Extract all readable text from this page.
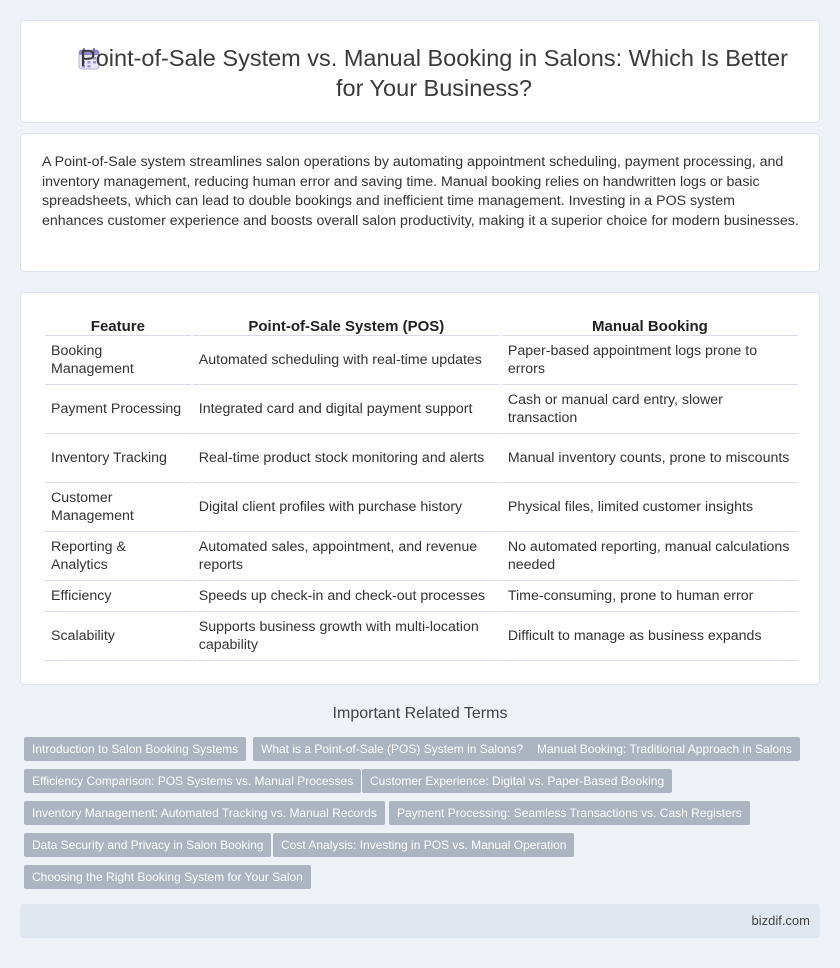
Point-of-Sale System vs. Manual Booking in Salons: Which Is Better for Your Business?

A Point-of-Sale system streamlines salon operations by automating appointment scheduling, payment processing, and inventory management, reducing human error and saving time. Manual booking relies on handwritten logs or basic spreadsheets, which can lead to double bookings and inefficient time management. Investing in a POS system enhances customer experience and boosts overall salon productivity, making it a superior choice for modern businesses.

Feature	Point-of-Sale System (POS)	Manual Booking
Booking Management	Automated scheduling with real-time updates	Paper-based appointment logs prone to errors
Payment Processing	Integrated card and digital payment support	Cash or manual card entry, slower transaction
Inventory Tracking	Real-time product stock monitoring and alerts	Manual inventory counts, prone to miscounts
Customer Management	Digital client profiles with purchase history	Physical files, limited customer insights
Reporting & Analytics	Automated sales, appointment, and revenue reports	No automated reporting, manual calculations needed
Efficiency	Speeds up check-in and check-out processes	Time-consuming, prone to human error
Scalability	Supports business growth with multi-location capability	Difficult to manage as business expands
Important Related Terms
Introduction to Salon Booking Systems	What is a Point-of-Sale (POS) System in Salons?	Manual Booking: Traditional Approach in Salons
Efficiency Comparison: POS Systems vs. Manual Processes	Customer Experience: Digital vs. Paper-Based Booking
Inventory Management: Automated Tracking vs. Manual Records	Payment Processing: Seamless Transactions vs. Cash Registers
Data Security and Privacy in Salon Booking	Cost Analysis: Investing in POS vs. Manual Operation
Choosing the Right Booking System for Your Salon
bizdif.com
